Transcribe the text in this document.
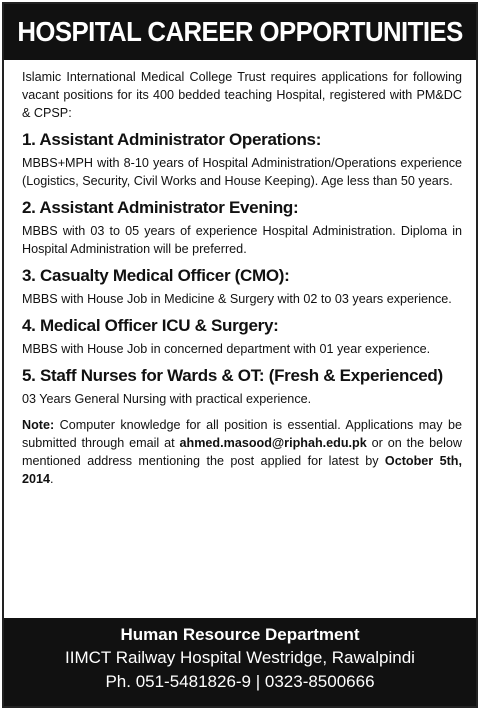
HOSPITAL CAREER OPPORTUNITIES

Islamic International Medical College Trust requires applications for following vacant positions for its 400 bedded teaching Hospital, registered with PM&DC & CPSP:

1. Assistant Administrator Operations:

MBBS+MPH with 8-10 years of Hospital Administration/Operations experience (Logistics, Security, Civil Works and House Keeping). Age less than 50 years.

2. Assistant Administrator Evening:

MBBS with 03 to 05 years of experience Hospital Administration. Diploma in Hospital Administration will be preferred.

3. Casualty Medical Officer (CMO):

MBBS with House Job in Medicine & Surgery with 02 to 03 years experience.

4. Medical Officer ICU & Surgery:

MBBS with House Job in concerned department with 01 year experience.

5. Staff Nurses for Wards & OT: (Fresh & Experienced)

03 Years General Nursing with practical experience.

Note: Computer knowledge for all position is essential. Applications may be submitted through email at ahmed.masood@riphah.edu.pk or on the below mentioned address mentioning the post applied for latest by October 5th, 2014.

Human Resource Department
IIMCT Railway Hospital Westridge, Rawalpindi
Ph. 051-5481826-9 | 0323-8500666
